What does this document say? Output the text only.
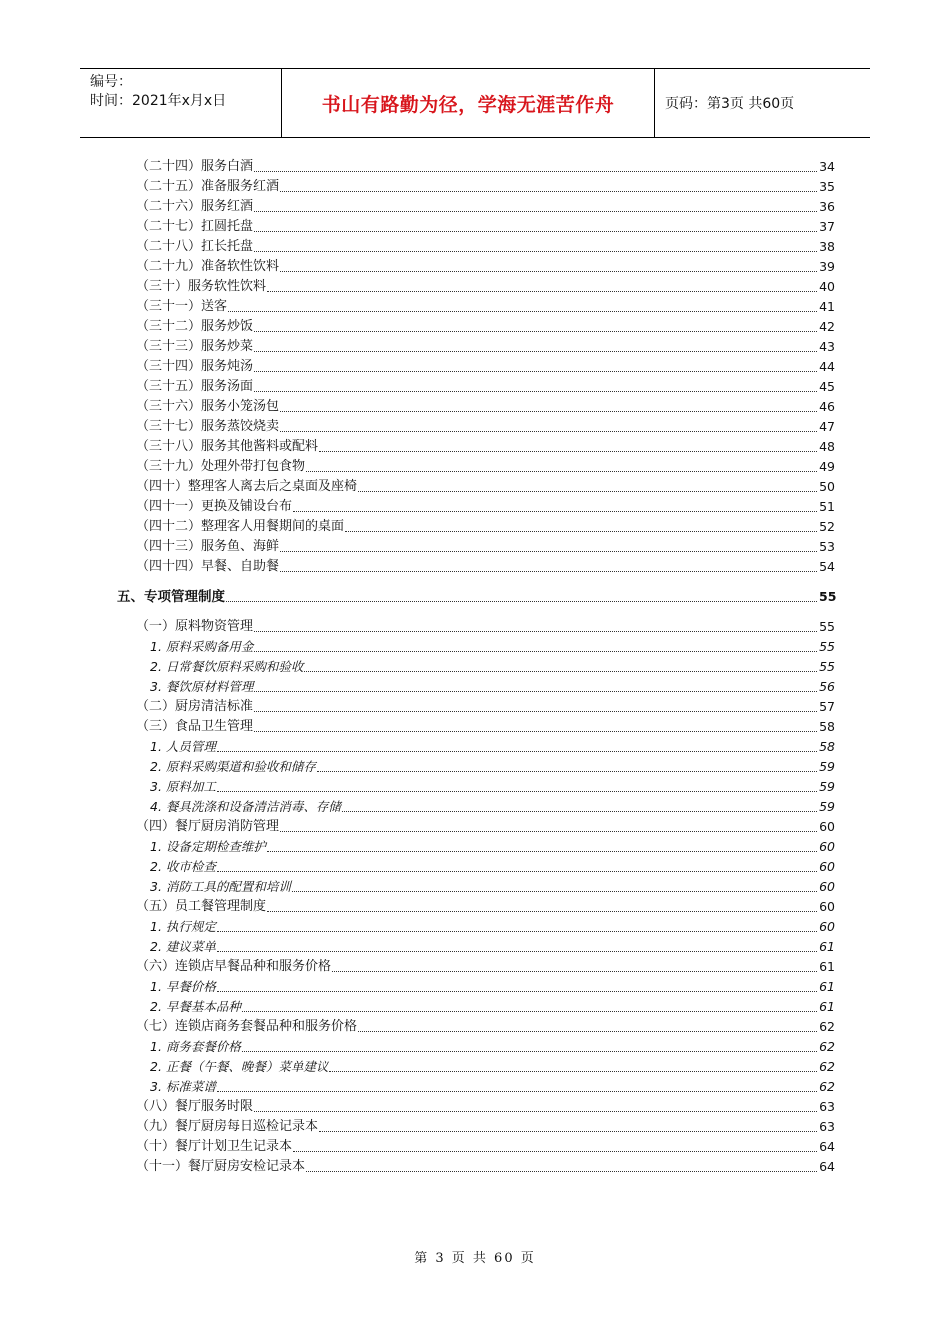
编号：
时间：2021年x月x日	书山有路勤为径，学海无涯苦作舟	页码：第3页 共60页
（二十四）服务白酒	34
（二十五）准备服务红酒	35
（二十六）服务红酒	36
（二十七）扛圆托盘	37
（二十八）扛长托盘	38
（二十九）准备软性饮料	39
（三十）服务软性饮料	40
（三十一）送客	41
（三十二）服务炒饭	42
（三十三）服务炒菜	43
（三十四）服务炖汤	44
（三十五）服务汤面	45
（三十六）服务小笼汤包	46
（三十七）服务蒸饺烧卖	47
（三十八）服务其他酱料或配料	48
（三十九）处理外带打包食物	49
（四十）整理客人离去后之桌面及座椅	50
（四十一）更换及铺设台布	51
（四十二）整理客人用餐期间的桌面	52
（四十三）服务鱼、海鲜	53
（四十四）早餐、自助餐	54
五、专项管理制度	55
（一）原料物资管理	55
1. 原料采购备用金	55
2. 日常餐饮原料采购和验收	55
3. 餐饮原材料管理	56
（二）厨房清洁标准	57
（三）食品卫生管理	58
1. 人员管理	58
2. 原料采购渠道和验收和储存	59
3. 原料加工	59
4. 餐具洗涤和设备清洁消毒、存储	59
（四）餐厅厨房消防管理	60
1. 设备定期检查维护	60
2. 收市检查	60
3. 消防工具的配置和培训	60
（五）员工餐管理制度	60
1. 执行规定	60
2. 建议菜单	61
（六）连锁店早餐品种和服务价格	61
1. 早餐价格	61
2. 早餐基本品种	61
（七）连锁店商务套餐品种和服务价格	62
1. 商务套餐价格	62
2. 正餐（午餐、晚餐）菜单建议	62
3. 标准菜谱	62
（八）餐厅服务时限	63
（九）餐厅厨房每日巡检记录本	63
（十）餐厅计划卫生记录本	64
（十一）餐厅厨房安检记录本	64
第 3 页 共 60 页
